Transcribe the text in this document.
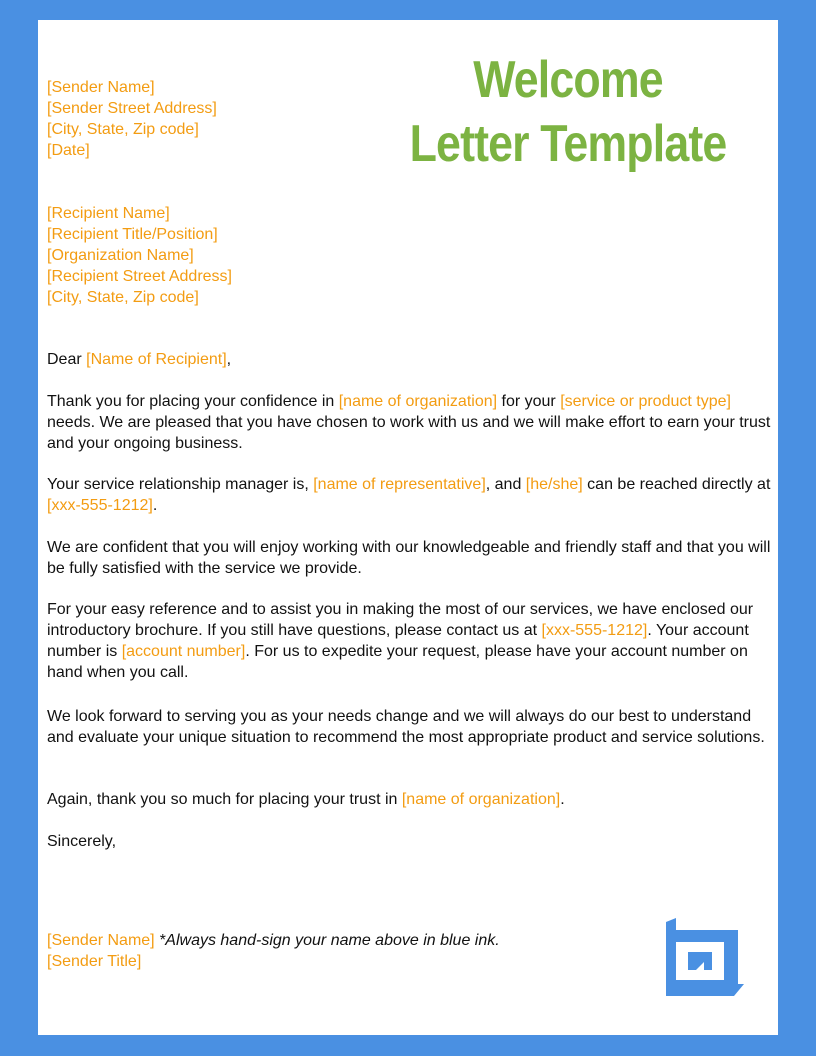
Welcome
Letter Template
[Sender Name]
[Sender Street Address]
[City, State, Zip code]
[Date]
[Recipient Name]
[Recipient Title/Position]
[Organization Name]
[Recipient Street Address]
[City, State, Zip code]
Dear [Name of Recipient],
Thank you for placing your confidence in [name of organization] for your [service or product type] needs. We are pleased that you have chosen to work with us and we will make effort to earn your trust and your ongoing business.
Your service relationship manager is, [name of representative], and [he/she] can be reached directly at [xxx-555-1212].
We are confident that you will enjoy working with our knowledgeable and friendly staff and that you will be fully satisfied with the service we provide.
For your easy reference and to assist you in making the most of our services, we have enclosed our introductory brochure. If you still have questions, please contact us at [xxx-555-1212]. Your account number is [account number]. For us to expedite your request, please have your account number on hand when you call.
We look forward to serving you as your needs change and we will always do our best to understand and evaluate your unique situation to recommend the most appropriate product and service solutions.
Again, thank you so much for placing your trust in [name of organization].
Sincerely,
[Sender Name] *Always hand-sign your name above in blue ink.
[Sender Title]
